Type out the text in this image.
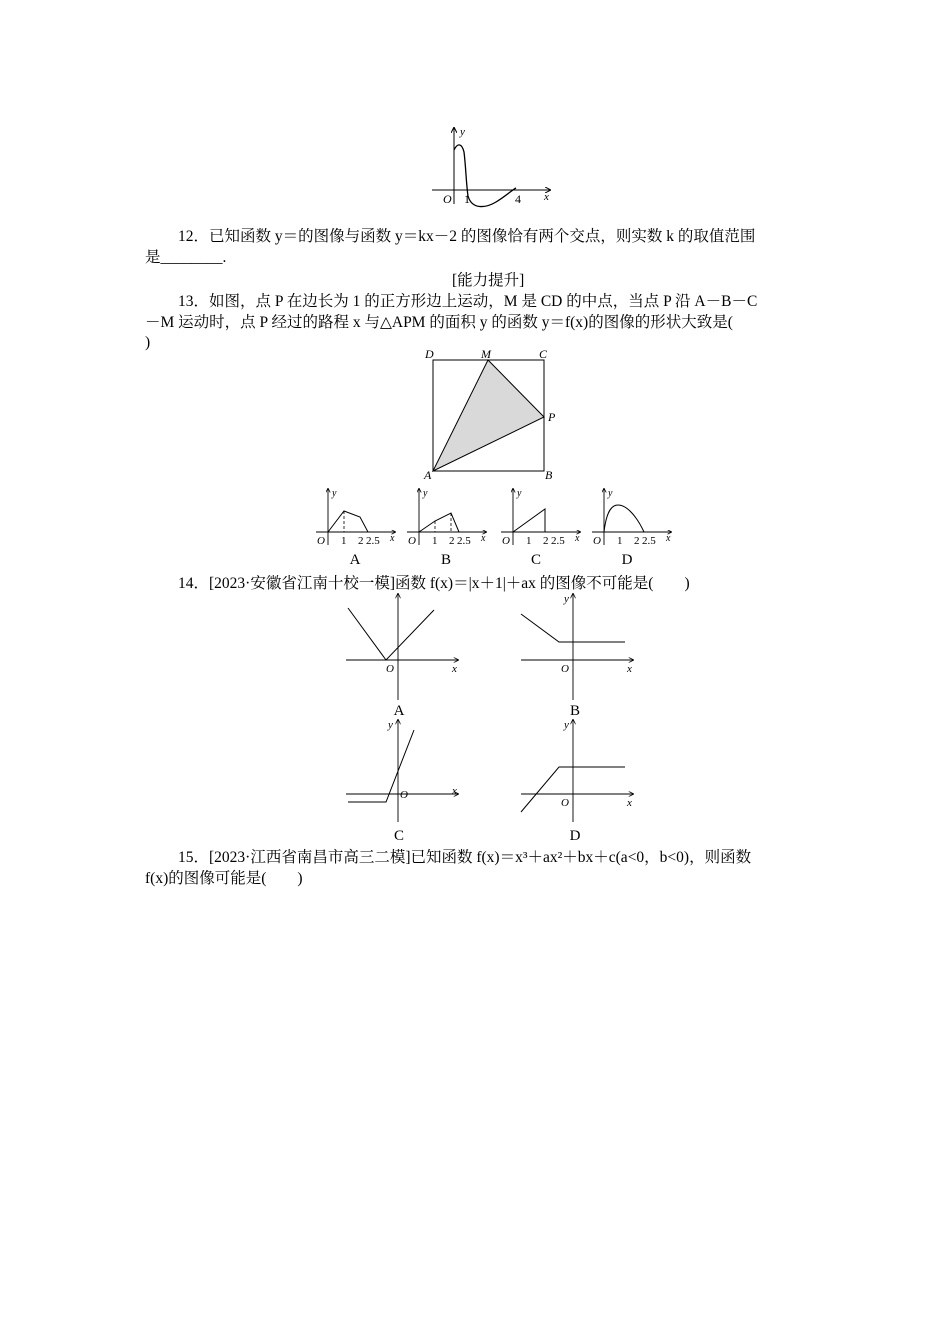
y
x
O 1	4
12．已知函数 y＝的图像与函数 y＝kx－2 的图像恰有两个交点，则实数 k 的取值范围
是________.
[能力提升]
13．如图，点 P 在边长为 1 的正方形边上运动，M 是 CD 的中点，当点 P 沿 A－B－C
－M 运动时，点 P 经过的路程 x 与△APM 的面积 y 的函数 y＝f(x)的图像的形状大致是(
)
D	M	C
P
A	B
y
x
O 1 2 2.5
y
x
O 1 2 2.5
y
x
O 1 2 2.5
y
x
O 1 2 2.5
A	B	C	D
14．[2023·安徽省江南十校一模]函数 f(x)＝|x＋1|＋ax 的图像不可能是(　　)
O	x
y
O	x
y
O	x
y
O	x
A	B
C	D
15．[2023·江西省南昌市高三二模]已知函数 f(x)＝x³＋ax²＋bx＋c(a<0，b<0)，则函数
f(x)的图像可能是(　　)
